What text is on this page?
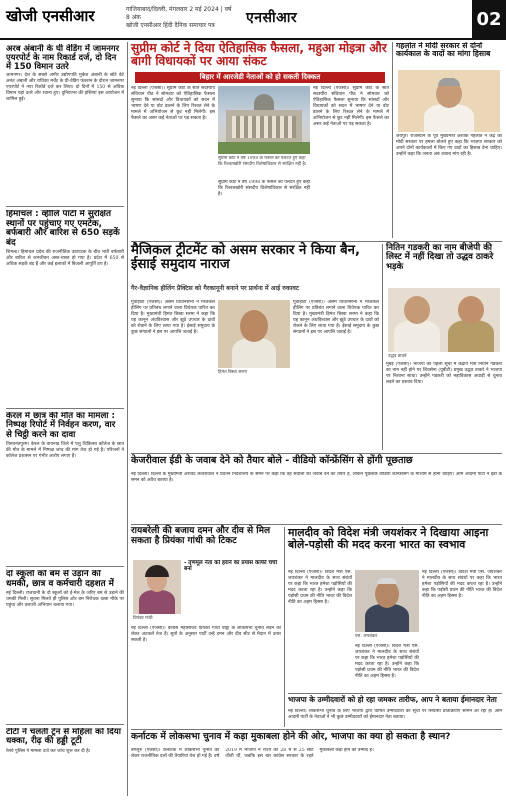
खोजी एनसीआर	गाजियाबाद/दिल्ली, मंगलवार 2 मई 2024 | वर्ष 8 अंक
खोजी एनसीआर हिंदी दैनिक समाचार पत्र	एनसीआर	02

अरब अंबानी के घी वेडिंग में जामनगर एयरपोर्ट के नाम रिकार्ड दर्ज, दो दिन में 150 विमान उतरे

जामनगर। देश के सबसे अमीर उद्योगपति मुकेश अंबानी के छोटे बेटे अनंत अंबानी और राधिका मर्चेंट के प्री-वेडिंग फंक्शन के दौरान जामनगर एयरपोर्ट ने नया रिकॉर्ड दर्ज कर लिया। दो दिनों में 150 से अधिक विमान यहां उतरे और रवाना हुए। दुनियाभर की हस्तियां इस आयोजन में शामिल हुईं।

हिमाचल : व्हीलि पार्टी में सुरक्षित स्थानों पर पहुंचाए गए एमटेक, बर्फबारी और बारिश से 650 सड़कें बंद

शिमला। हिमाचल प्रदेश की राजनीतिक उठापटक के बीच भारी बर्फबारी और बारिश से जनजीवन अस्त-व्यस्त हो गया है। प्रदेश में 650 से अधिक सड़कें बंद हैं और कई इलाकों में बिजली आपूर्ति ठप है।

केरल में छात्र की मौत का मामला : निष्पक्ष रिपोर्ट में निर्वहन करण, वार से चिट्ठी करने का दावा

तिरुवनंतपुरम। केरल के वायनाड जिले में पशु चिकित्सा कॉलेज के छात्र की मौत के मामले में निष्पक्ष जांच की मांग तेज हो गई है। परिजनों ने कॉलेज प्रशासन पर गंभीर आरोप लगाए हैं।

दो स्कूलों को बम से उड़ाने की धमकी, छात्र व कर्मचारी दहशत में

नई दिल्ली। राजधानी के दो स्कूलों को ई-मेल के जरिए बम से उड़ाने की धमकी मिली। सूचना मिलते ही पुलिस और बम निरोधक दस्ता मौके पर पहुंचा और तलाशी अभियान चलाया गया।

टीटी ने चलती ट्रेन से महिला को दिया धक्का, रीढ़ की हड्डी टूटी

रेलवे पुलिस ने मामला दर्ज कर जांच शुरू कर दी है।

सुप्रीम कोर्ट ने दिया ऐतिहासिक फैसला, महुआ मोइत्रा और बागी विधायकों पर आया संकट

बिहार में आरजेडी नेताओं को हो सकती दिक्कत

नई दिल्ली (एजेंसी)। सुप्रीम कोर्ट के सात सदस्यीय संविधान पीठ ने सोमवार को ऐतिहासिक फैसला सुनाया कि सांसदों और विधायकों को सदन में भाषण देने या वोट डालने के लिए रिश्वत लेने के मामले में अभियोजन से छूट नहीं मिलेगी। इस फैसले का असर कई नेताओं पर पड़ सकता है।

सुप्रीम कोर्ट ने वर्ष 1998 के फैसले को पलटते हुए कहा कि रिश्वतखोरी संसदीय विशेषाधिकार से संरक्षित नहीं है।

नई दिल्ली (एजेंसी)। सुप्रीम कोर्ट के सात सदस्यीय संविधान पीठ ने सोमवार को ऐतिहासिक फैसला सुनाया कि सांसदों और विधायकों को सदन में भाषण देने या वोट डालने के लिए रिश्वत लेने के मामले में अभियोजन से छूट नहीं मिलेगी। इस फैसले का असर कई नेताओं पर पड़ सकता है।

सुप्रीम कोर्ट ने वर्ष 1998 के फैसले को पलटते हुए कहा कि रिश्वतखोरी संसदीय विशेषाधिकार से संरक्षित नहीं है।

गहलोत ने मोदी सरकार से दोनों कार्यकाल के वादों का मांगा हिसाब

जयपुर। राजस्थान के पूर्व मुख्यमंत्री अशोक गहलोत ने केंद्र की मोदी सरकार पर हमला बोलते हुए कहा कि भाजपा सरकार को अपने दोनों कार्यकालों में किए गए वादों का हिसाब देना चाहिए। उन्होंने कहा कि जनता अब जवाब मांग रही है।

मैजिकल ट्रीटमेंट को असम सरकार ने किया बैन, ईसाई समुदाय नाराज

गैर-वैज्ञानिक हीलिंग प्रैक्टिस को गैरकानूनी बनाने पर प्रार्थना में आई रुकावट

गुवाहाटी (एजेंसी)। असम विधानसभा ने मैजिकल हीलिंग पर प्रतिबंध लगाने वाला विधेयक पारित कर दिया है। मुख्यमंत्री हिमंत बिस्वा सरमा ने कहा कि यह कानून अंधविश्वास और झूठे उपचार के दावों को रोकने के लिए लाया गया है। ईसाई समुदाय के कुछ संगठनों ने इस पर आपत्ति जताई है।

हिमंत बिस्वा सरमा

गुवाहाटी (एजेंसी)। असम विधानसभा ने मैजिकल हीलिंग पर प्रतिबंध लगाने वाला विधेयक पारित कर दिया है। मुख्यमंत्री हिमंत बिस्वा सरमा ने कहा कि यह कानून अंधविश्वास और झूठे उपचार के दावों को रोकने के लिए लाया गया है। ईसाई समुदाय के कुछ संगठनों ने इस पर आपत्ति जताई है।

नितिन गडकरी का नाम बीजेपी की लिस्ट में नहीं दिखा तो उद्धव ठाकरे भड़के

उद्धव ठाकरे

मुंबई (एजेंसी)। भाजपा की पहली सूची में केंद्रीय मंत्री नितिन गडकरी का नाम नहीं होने पर शिवसेना (यूबीटी) प्रमुख उद्धव ठाकरे ने भाजपा पर निशाना साधा। उन्होंने गडकरी को महाविकास अघाड़ी से चुनाव लड़ने का प्रस्ताव दिया।

केजरीवाल ईडी के जवाब देने को तैयार बोले - वीडियो कॉन्फ्रेंसिंग से होंगी पूछताछ

नई दिल्ली। दिल्ली के मुख्यमंत्री अरविंद केजरीवाल ने प्रवर्तन निदेशालय के समन पर कहा कि वह सवालों का जवाब देने को तैयार हैं, लेकिन पूछताछ वीडियो कॉन्फ्रेंसिंग के माध्यम से होनी चाहिए। आम आदमी पार्टी ने ईडी के समन को अवैध बताया है।

रायबरेली की बजाय दमन और दीव से मिल सकता है प्रियंका गांधी को टिकट

- तृणमूल नेता को हराने का प्रयास काफी चर्चा बना

प्रियंका गांधी

नई दिल्ली (एजेंसी)। कांग्रेस महासचिव प्रियंका गांधी वाड्रा के लोकसभा चुनाव लड़ने को लेकर अटकलें तेज हैं। सूत्रों के अनुसार पार्टी उन्हें दमन और दीव सीट से मैदान में उतार सकती है।

मालदीव को विदेश मंत्री जयशंकर ने दिखाया आइना बोले-पड़ोसी की मदद करना भारत का स्वभाव

नई दिल्ली (एजेंसी)। विदेश मंत्री एस. जयशंकर ने मालदीव के साथ संबंधों पर कहा कि भारत हमेशा पड़ोसियों की मदद करता रहा है। उन्होंने कहा कि पड़ोसी प्रथम की नीति भारत की विदेश नीति का अहम हिस्सा है।

एस. जयशंकर

नई दिल्ली (एजेंसी)। विदेश मंत्री एस. जयशंकर ने मालदीव के साथ संबंधों पर कहा कि भारत हमेशा पड़ोसियों की मदद करता रहा है। उन्होंने कहा कि पड़ोसी प्रथम की नीति भारत की विदेश नीति का अहम हिस्सा है।

नई दिल्ली (एजेंसी)। विदेश मंत्री एस. जयशंकर ने मालदीव के साथ संबंधों पर कहा कि भारत हमेशा पड़ोसियों की मदद करता रहा है। उन्होंने कहा कि पड़ोसी प्रथम की नीति भारत की विदेश नीति का अहम हिस्सा है।

भाजपा के उम्मीदवारों को हो रहा जमकर तारीफ, आप ने बताया ईमानदार नेता

नई दिल्ली। लोकसभा चुनाव के लिए भाजपा द्वारा घोषित उम्मीदवारों की सूची पर सियासी प्रतिक्रियाएं सामने आ रही हैं। आम आदमी पार्टी के नेताओं ने भी कुछ उम्मीदवारों को ईमानदार नेता बताया।

कर्नाटक में लोकसभा चुनाव में कड़ा मुकाबला होने की ओर, भाजपा का क्या हो सकता है स्थान?

बेंगलुरु (एजेंसी)। कर्नाटक में लोकसभा चुनाव को लेकर राजनीतिक दलों की तैयारियां तेज हो गई हैं। वर्ष 2019 में भाजपा ने राज्य की 28 में से 25 सीटें जीती थीं, जबकि इस बार कांग्रेस सरकार के रहते मुकाबला कड़ा होने की उम्मीद है।
